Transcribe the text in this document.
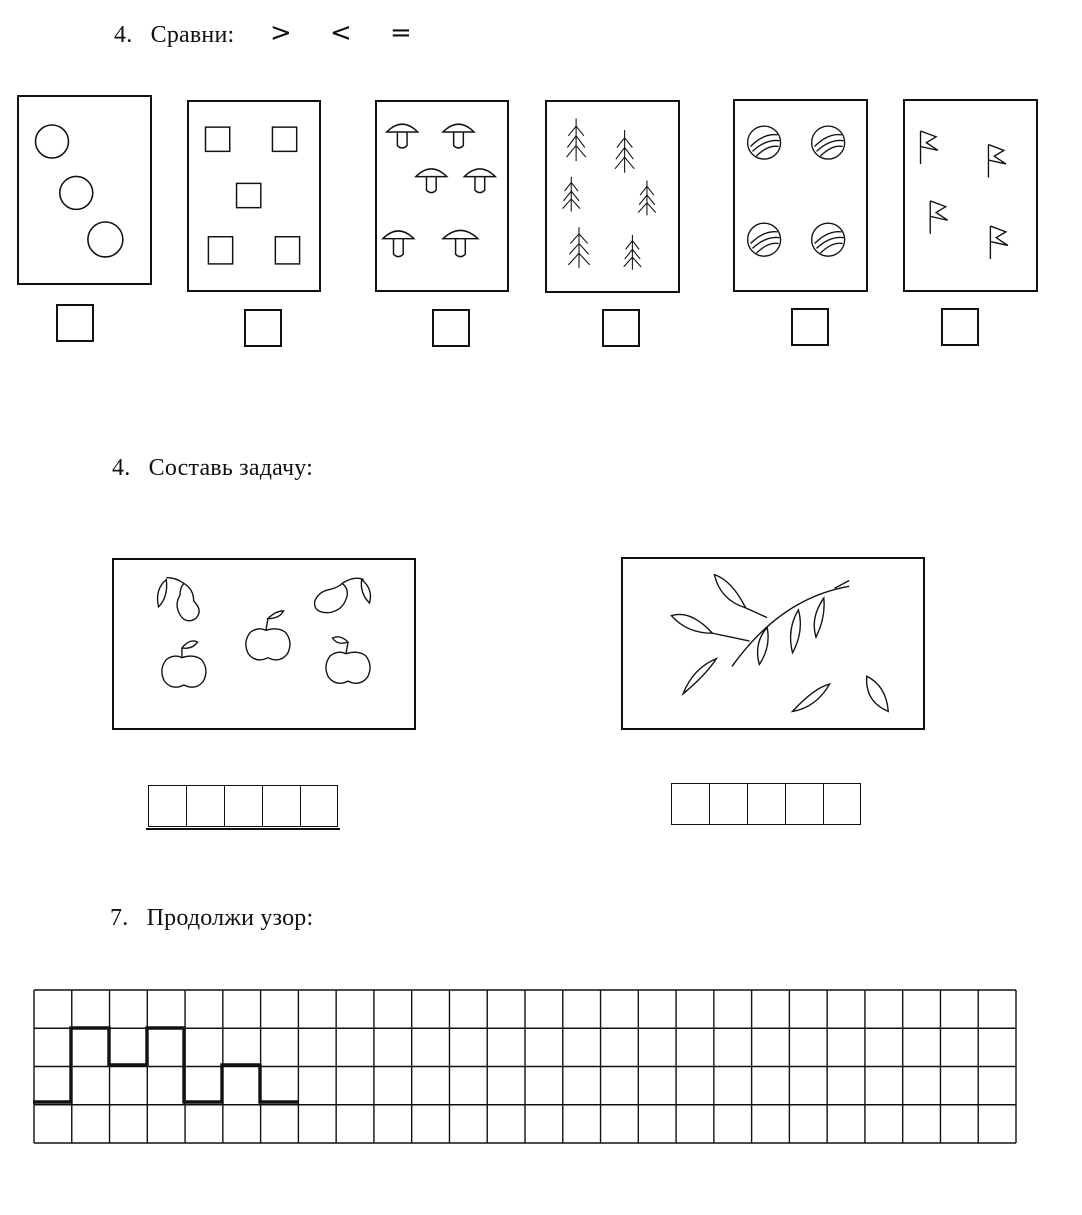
4. Сравни: > < =
4. Составь задачу:
7. Продолжи узор:
